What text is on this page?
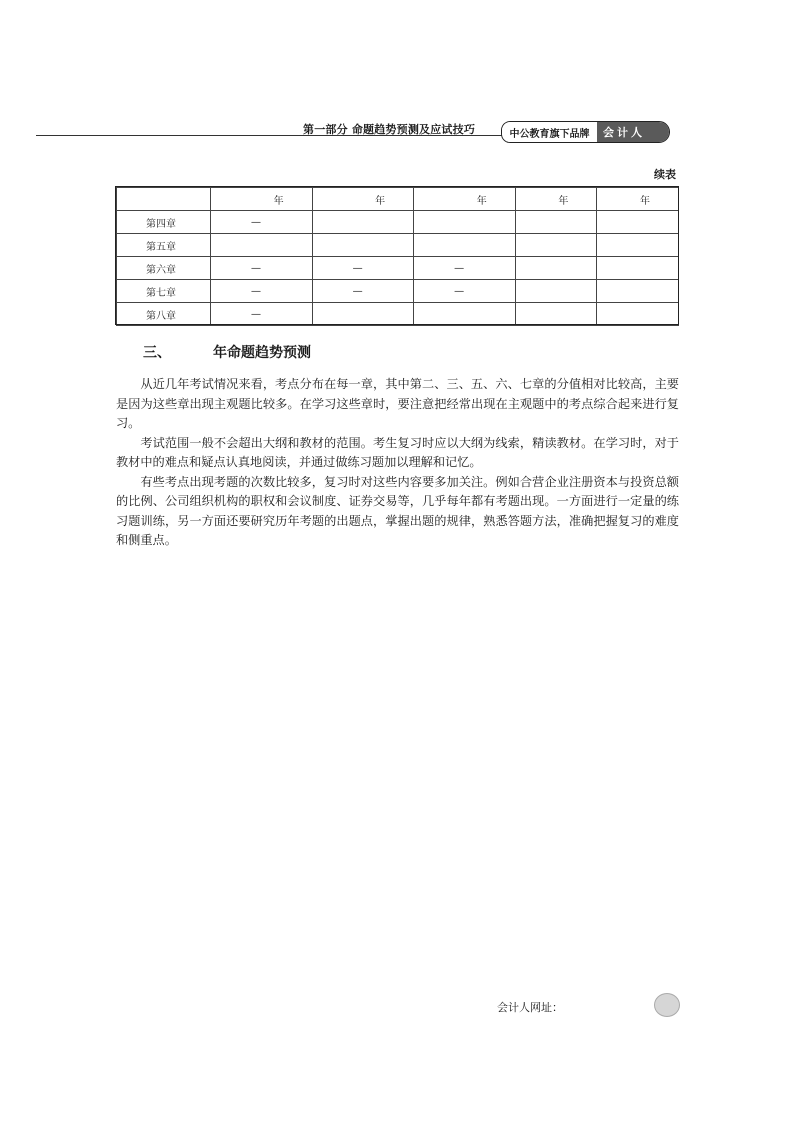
第一部分 命题趋势预测及应试技巧	中公教育旗下品牌	会计人
续表
	年	年	年	年	年
第四章	—				
第五章					
第六章	—	—	—		
第七章	—	—	—		
第八章	—				
三、	年命题趋势预测

从近几年考试情况来看，考点分布在每一章，其中第二、三、五、六、七章的分值相对比较高，主要是因为这些章出现主观题比较多。在学习这些章时，要注意把经常出现在主观题中的考点综合起来进行复习。

考试范围一般不会超出大纲和教材的范围。考生复习时应以大纲为线索，精读教材。在学习时，对于教材中的难点和疑点认真地阅读，并通过做练习题加以理解和记忆。

有些考点出现考题的次数比较多，复习时对这些内容要多加关注。例如合营企业注册资本与投资总额的比例、公司组织机构的职权和会议制度、证券交易等，几乎每年都有考题出现。一方面进行一定量的练习题训练，另一方面还要研究历年考题的出题点，掌握出题的规律，熟悉答题方法，准确把握复习的难度和侧重点。

会计人网址：
